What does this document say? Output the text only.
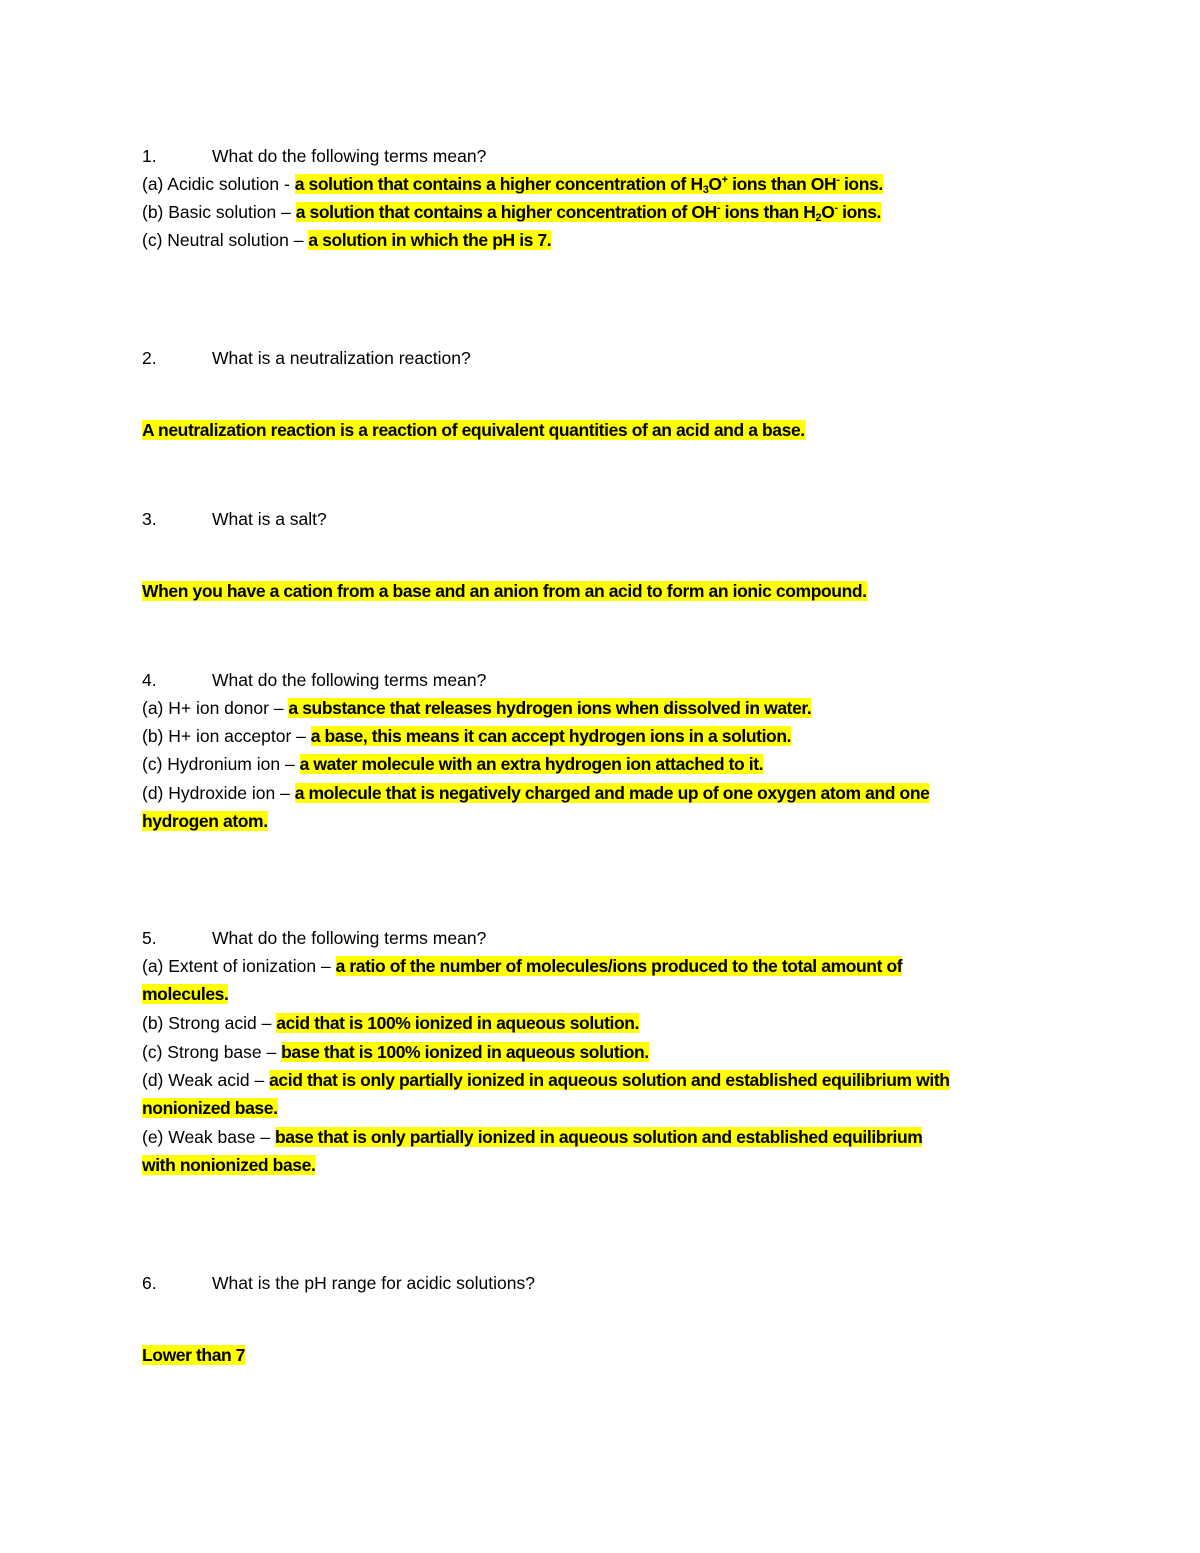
1.	What do the following terms mean?
(a) Acidic solution - a solution that contains a higher concentration of $H_3O^+$ ions than OH- ions.
(b) Basic solution – a solution that contains a higher concentration of OH- ions than $H_2O^-$ ions.
(c) Neutral solution – a solution in which the pH is 7.
2.	What is a neutralization reaction?
A neutralization reaction is a reaction of equivalent quantities of an acid and a base.
3.	What is a salt?
When you have a cation from a base and an anion from an acid to form an ionic compound.
4.	What do the following terms mean?
(a) H+ ion donor – a substance that releases hydrogen ions when dissolved in water.
(b) H+ ion acceptor – a base, this means it can accept hydrogen ions in a solution.
(c) Hydronium ion – a water molecule with an extra hydrogen ion attached to it.
(d) Hydroxide ion – a molecule that is negatively charged and made up of one oxygen atom and one
hydrogen atom.
5.	What do the following terms mean?
(a) Extent of ionization – a ratio of the number of molecules/ions produced to the total amount of
molecules.
(b) Strong acid – acid that is 100% ionized in aqueous solution.
(c) Strong base – base that is 100% ionized in aqueous solution.
(d) Weak acid – acid that is only partially ionized in aqueous solution and established equilibrium with
nonionized base.
(e) Weak base – base that is only partially ionized in aqueous solution and established equilibrium
with nonionized base.
6.	What is the pH range for acidic solutions?
Lower than 7
